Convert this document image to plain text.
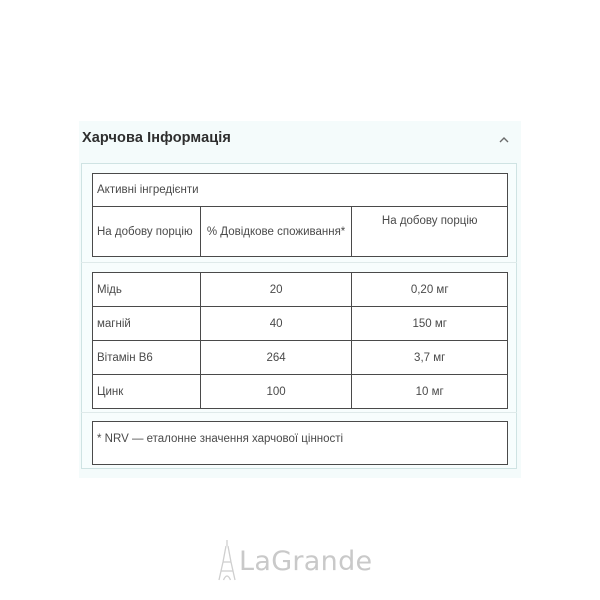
Харчова Інформація
Активні інгредієнти
На добову порцію	% Довідкове споживання*	На добову порцію
Мідь	20	0,20 мг
магній	40	150 мг
Вітамін В6	264	3,7 мг
Цинк	100	10 мг
* NRV — еталонне значення харчової цінності
LaGrande
